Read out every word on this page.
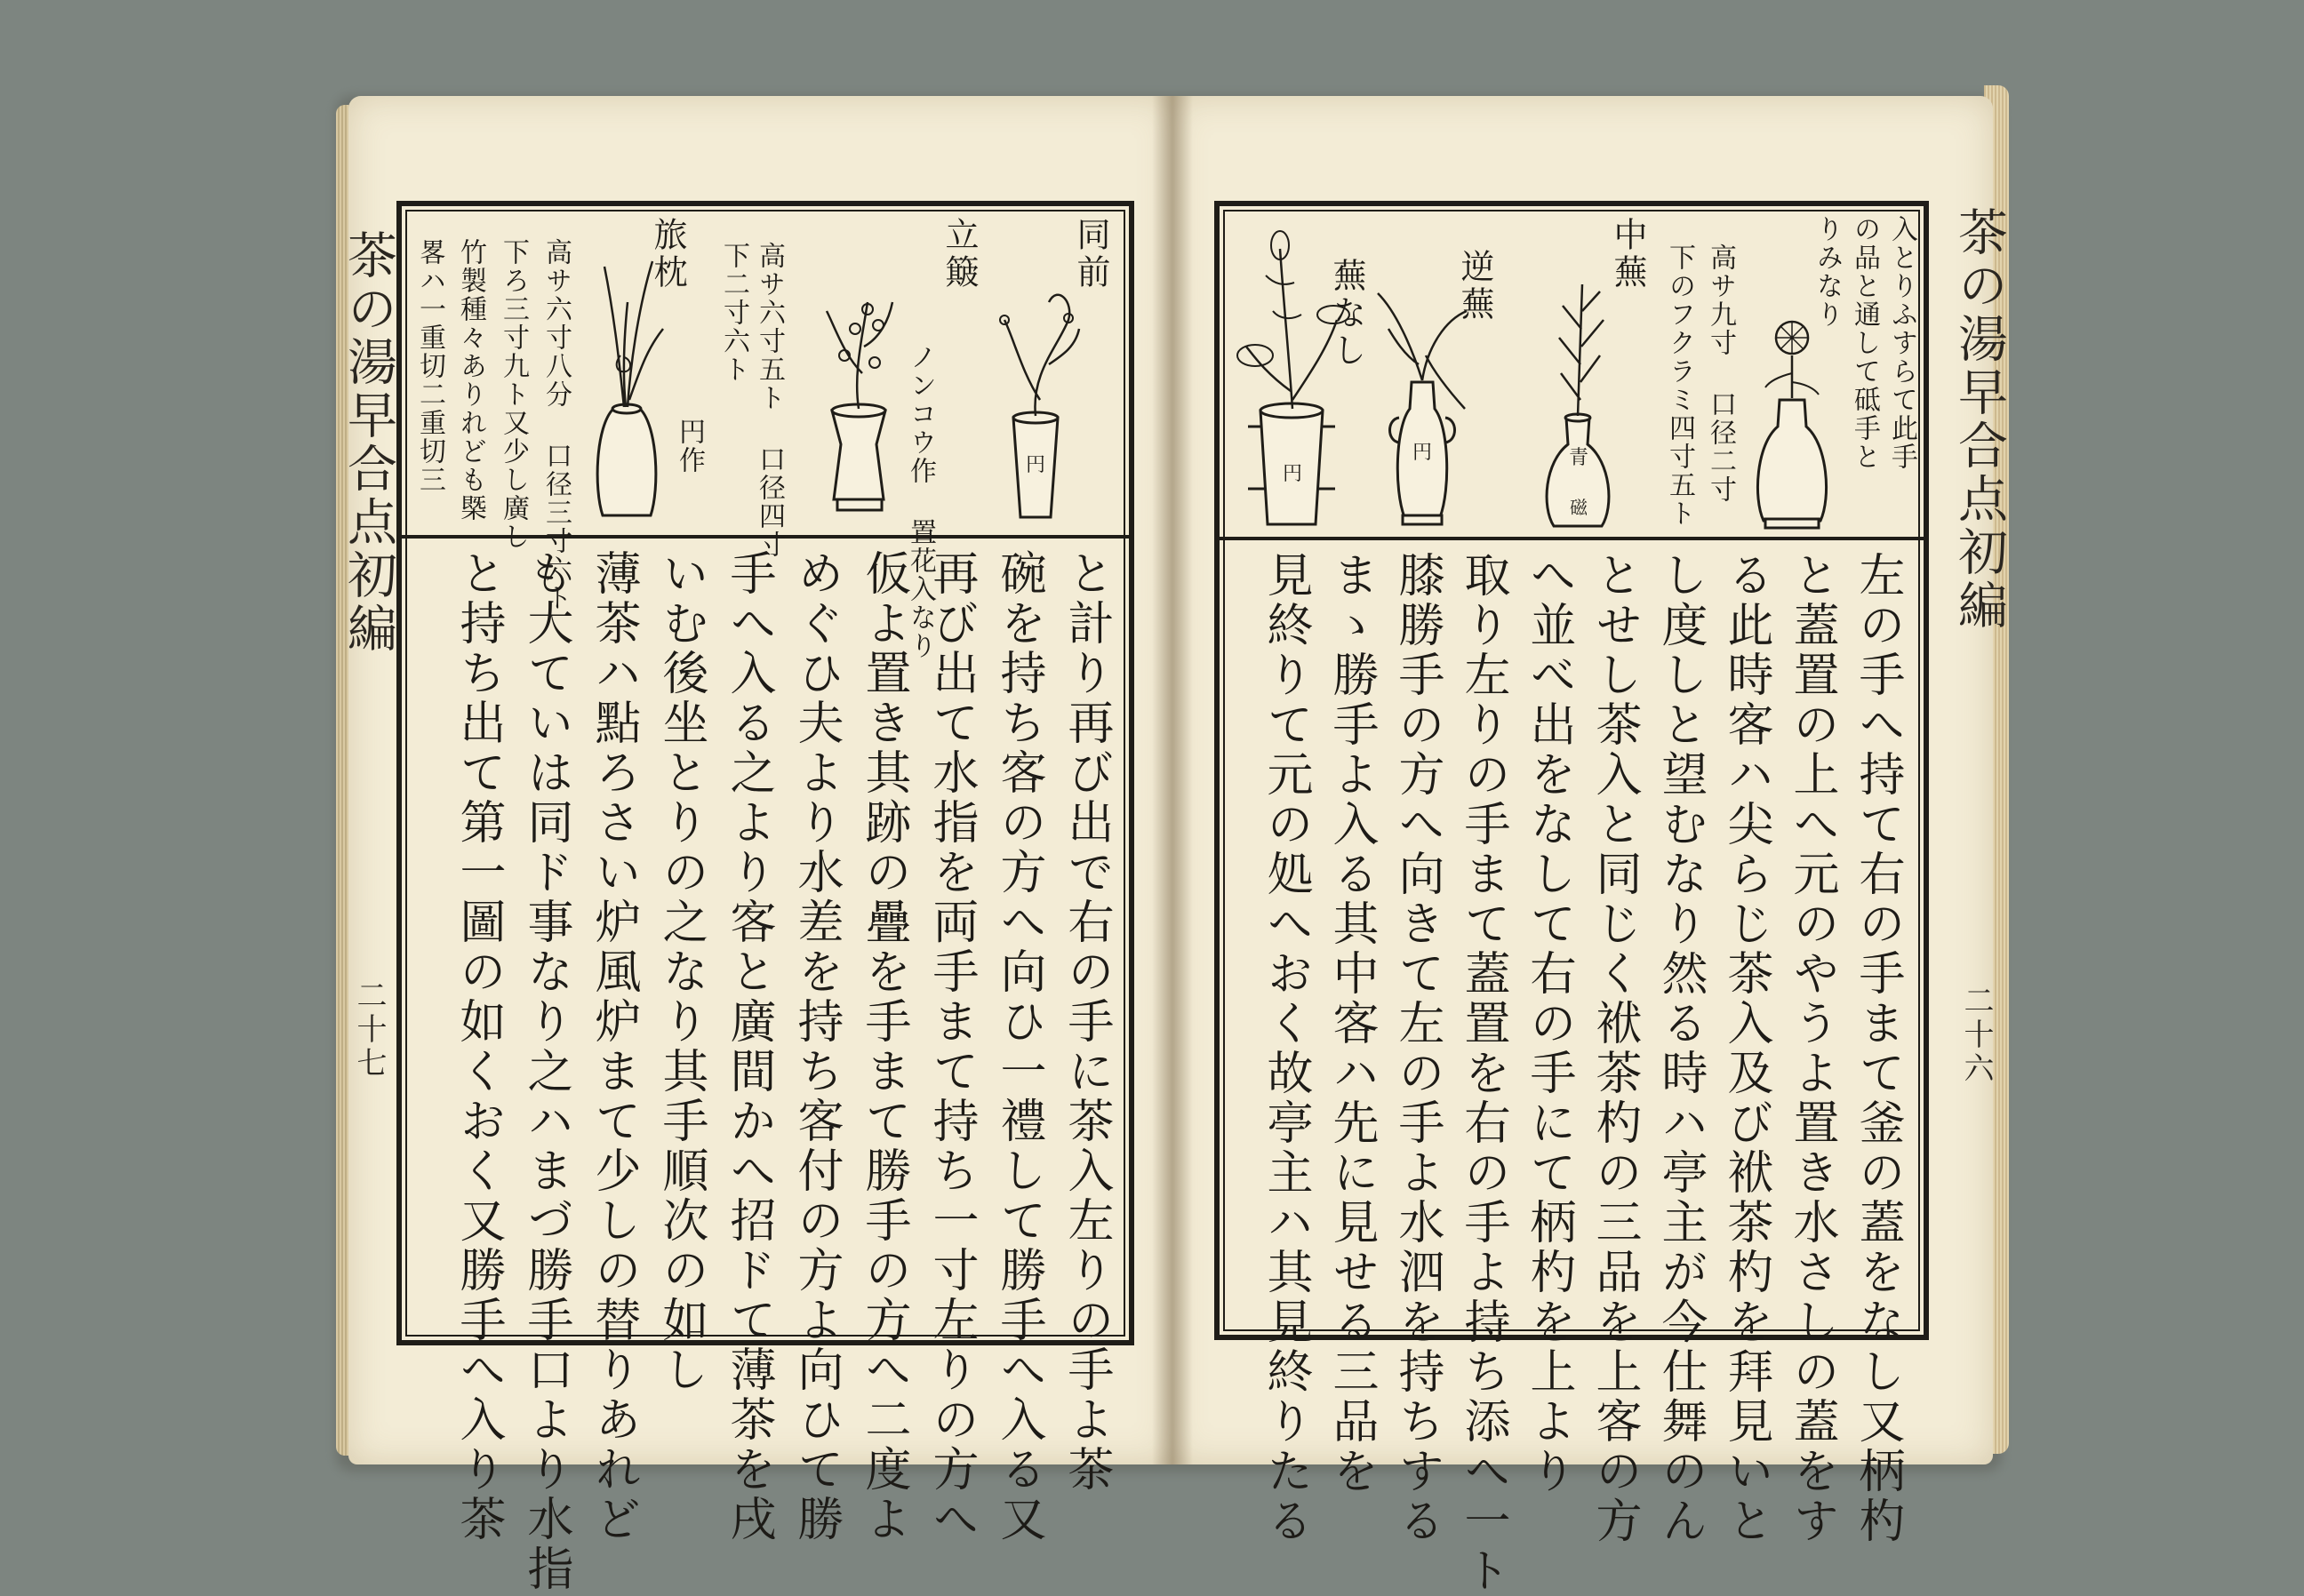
茶の湯早合点初編
二十七
茶の湯早合点初編
二十六
同前
ノンコウ作 置花入なり	円
立簸
高サ六寸五ト 口径四寸
下二寸六ト
旅枕
円作
高サ六寸八分 口径三寸六ト
下ろ三寸九ト又少し廣し
竹製種々ありれども槩
畧ハ一重切二重切三
と計り再び出で右の手に茶入左りの手よ茶
碗を持ち客の方へ向ひ一禮して勝手へ入る又
再び出て水指を両手まて持ち一寸左りの方へ
仮よ置き其跡の疊を手まて勝手の方へ二度よ
めぐひ夫より水差を持ち客付の方よ向ひて勝
手へ入る之より客と廣間かへ招ドて薄茶を戌
いむ後坐とりの之なり其手順次の如し
薄茶ハ點ろさい炉風炉まて少しの替りあれど
も大ていは同ド事なり之ハまづ勝手口より水指
と持ち出て第一圖の如くおく又勝手へ入り茶
入とりふすらて此手
の品と通して砥手と
りみなり
中蕪 高サ九寸 口径二寸
下のフクラミ四寸五ト
青
磁
逆蕪
円
蕪なし
円
左の手へ持て右の手まて釜の蓋をなし又柄杓
と蓋置の上へ元のやうよ置き水さしの蓋をす
る此時客ハ尖らじ茶入及び袱茶杓を拜見いと
し度しと望むなり然る時ハ亭主が今仕舞のん
とせし茶入と同じく袱茶杓の三品を上客の方
へ並べ出をなして右の手にて柄杓を上より
取り左りの手まて蓋置を右の手よ持ち添へ一ト
膝勝手の方へ向きて左の手よ水泗を持ちする
まゝ勝手よ入る其中客ハ先に見せる三品を
見終りて元の処へおく故亭主ハ其見終りたる
